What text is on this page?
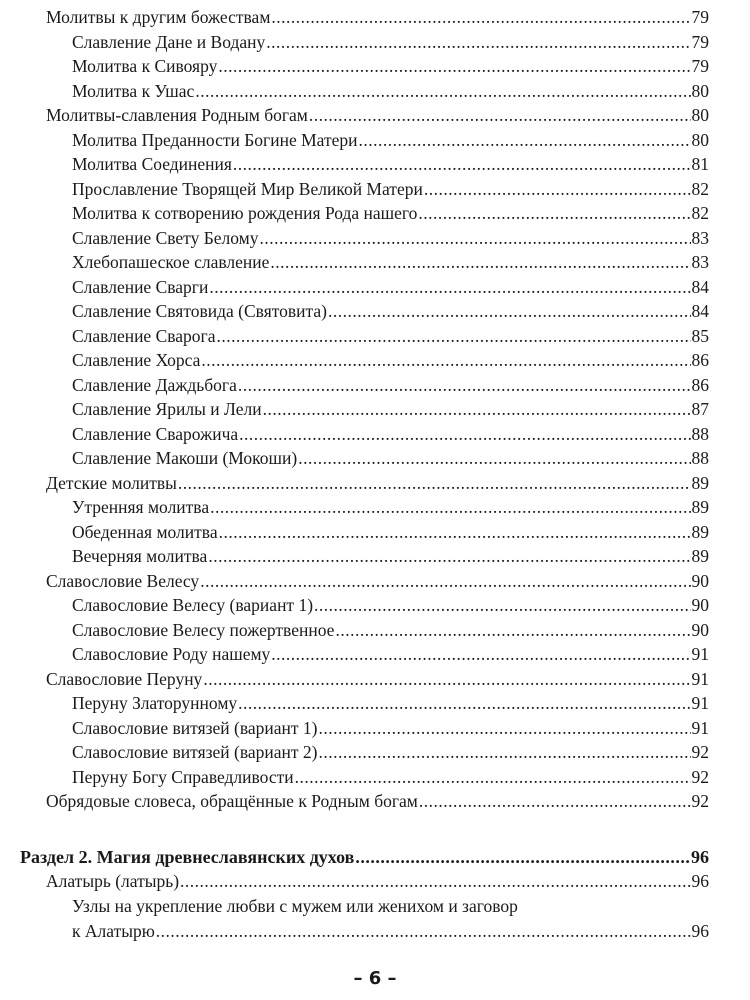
Молитвы к другим божествам .....	79
Славление Дане и Водану .....	79
Молитва к Сивояру .....	79
Молитва к Ушас .....	80
Молитвы-славления Родным богам .....	80
Молитва Преданности Богине Матери .....	80
Молитва Соединения .....	81
Прославление Творящей Мир Великой Матери .....	82
Молитва к сотворению рождения Рода нашего .....	82
Славление Свету Белому .....	83
Хлебопашеское славление .....	83
Славление Сварги .....	84
Славление Святовида (Святовита) .....	84
Славление Сварога .....	85
Славление Хорса .....	86
Славление Даждьбога .....	86
Славление Ярилы и Лели .....	87
Славление Сварожича .....	88
Славление Макоши (Мокоши) .....	88
Детские молитвы .....	89
Утренняя молитва .....	89
Обеденная молитва .....	89
Вечерняя молитва .....	89
Славословие Велесу .....	90
Славословие Велесу (вариант 1) .....	90
Славословие Велесу пожертвенное .....	90
Славословие Роду нашему .....	91
Славословие Перуну .....	91
Перуну Златорунному .....	91
Славословие витязей (вариант 1) .....	91
Славословие витязей (вариант 2) .....	92
Перуну Богу Справедливости .....	92
Обрядовые словеса, обращённые к Родным богам .....	92
Раздел 2. Магия древнеславянских духов .....	96
Алатырь (латырь) .....	96
Узлы на укрепление любви с мужем или женихом и заговор
к Алатырю .....	96
– 6 –
